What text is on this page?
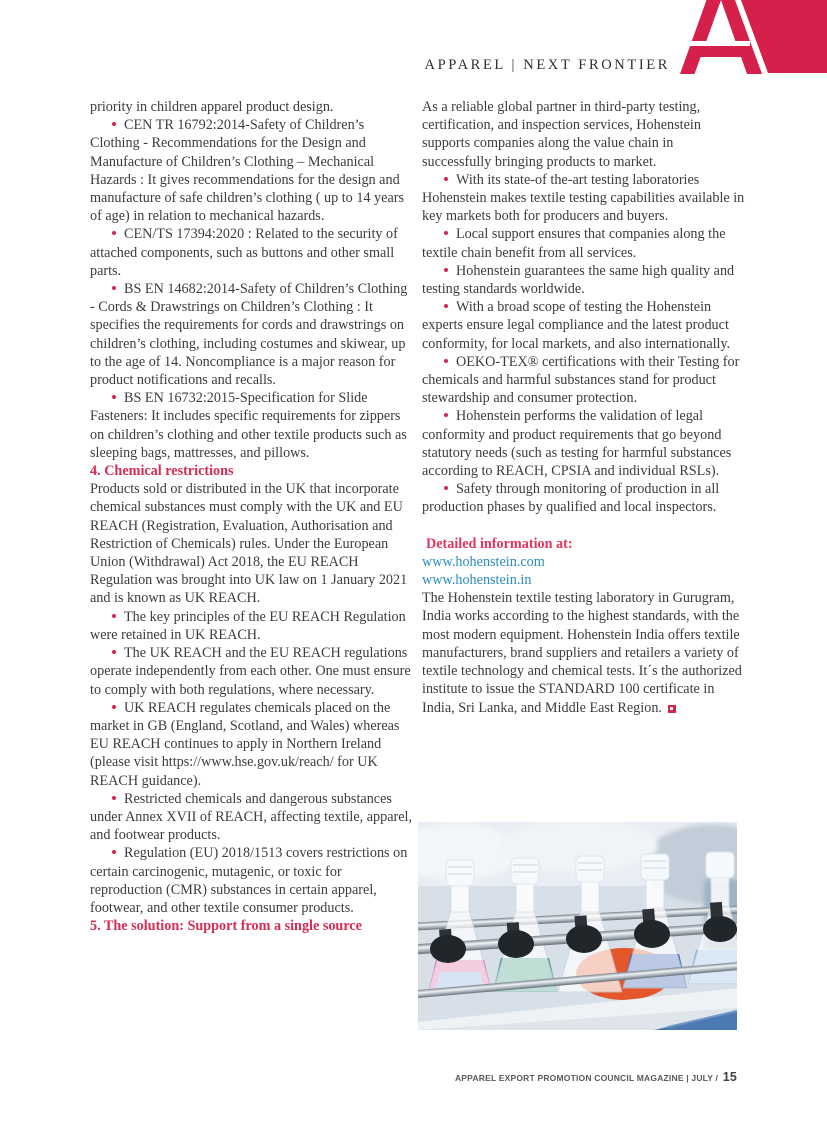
APPAREL | NEXT FRONTIER

priority in children apparel product design.

CEN TR 16792:2014-Safety of Children’s Clothing - Recommendations for the Design and Manufacture of Children’s Clothing – Mechanical Hazards : It gives recommendations for the design and manufacture of safe children’s clothing ( up to 14 years of age) in relation to mechanical hazards.

CEN/TS 17394:2020 : Related to the security of attached components, such as buttons and other small parts.

BS EN 14682:2014-Safety of Children’s Clothing - Cords & Drawstrings on Children’s Clothing : It specifies the requirements for cords and drawstrings on children’s clothing, including costumes and skiwear, up to the age of 14. Noncompliance is a major reason for product notifications and recalls.

BS EN 16732:2015-Specification for Slide Fasteners: It includes specific requirements for zippers on children’s clothing and other textile products such as sleeping bags, mattresses, and pillows.

4. Chemical restrictions

Products sold or distributed in the UK that incorporate chemical substances must comply with the UK and EU REACH (Registration, Evaluation, Authorisation and Restriction of Chemicals) rules. Under the European Union (Withdrawal) Act 2018, the EU REACH Regulation was brought into UK law on 1 January 2021 and is known as UK REACH.

The key principles of the EU REACH Regulation were retained in UK REACH.

The UK REACH and the EU REACH regulations operate independently from each other. One must ensure to comply with both regulations, where necessary.

UK REACH regulates chemicals placed on the market in GB (England, Scotland, and Wales) whereas EU REACH continues to apply in Northern Ireland (please visit https://www.hse.gov.uk/reach/ for UK REACH guidance).

Restricted chemicals and dangerous substances under Annex XVII of REACH, affecting textile, apparel, and footwear products.

Regulation (EU) 2018/1513 covers restrictions on certain carcinogenic, mutagenic, or toxic for reproduction (CMR) substances in certain apparel, footwear, and other textile consumer products.

5. The solution: Support from a single source

As a reliable global partner in third-party testing, certification, and inspection services, Hohenstein supports companies along the value chain in successfully bringing products to market.

With its state-of the-art testing laboratories Hohenstein makes textile testing capabilities available in key markets both for producers and buyers.

Local support ensures that companies along the textile chain benefit from all services.

Hohenstein guarantees the same high quality and testing standards worldwide.

With a broad scope of testing the Hohenstein experts ensure legal compliance and the latest product conformity, for local markets, and also internationally.

OEKO-TEX® certifications with their Testing for chemicals and harmful substances stand for product stewardship and consumer protection.

Hohenstein performs the validation of legal conformity and product requirements that go beyond statutory needs (such as testing for harmful substances according to REACH, CPSIA and individual RSLs).

Safety through monitoring of production in all production phases by qualified and local inspectors.

Detailed information at:

www.hohenstein.com

www.hohenstein.in

The Hohenstein textile testing laboratory in Gurugram, India works according to the highest standards, with the most modern equipment. Hohenstein India offers textile manufacturers, brand suppliers and retailers a variety of textile technology and chemical tests. It´s the authorized institute to issue the STANDARD 100 certificate in India, Sri Lanka, and Middle East Region.

APPAREL EXPORT PROMOTION COUNCIL MAGAZINE | JULY / 15
